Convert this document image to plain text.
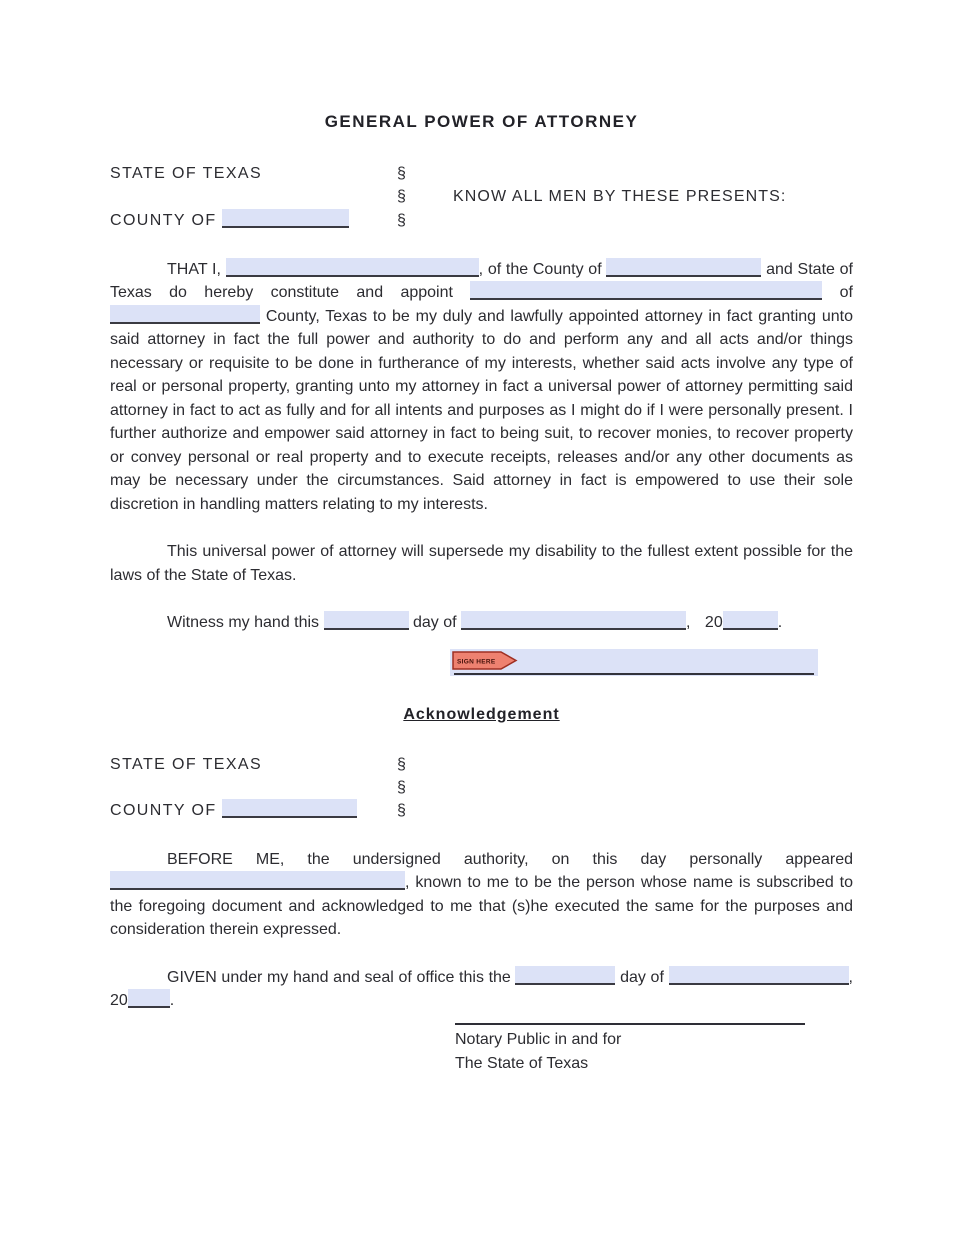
GENERAL POWER OF ATTORNEY
STATE OF TEXAS	§
§	KNOW ALL MEN BY THESE PRESENTS:
COUNTY OF	§

THAT I,	, of the County of	and State of Texas do hereby constitute and appoint	of  County, Texas to be my duly and lawfully appointed attorney in fact granting unto said attorney in fact the full power and authority to do and perform any and all acts and/or things necessary or requisite to be done in furtherance of my interests, whether said acts involve any type of real or personal property, granting unto my attorney in fact a universal power of attorney permitting said attorney in fact to act as fully and for all intents and purposes as I might do if I were personally present. I further authorize and empower said attorney in fact to being suit, to recover monies, to recover property or convey personal or real property and to execute receipts, releases and/or any other documents as may be necessary under the circumstances. Said attorney in fact is empowered to use their sole discretion in handling matters relating to my interests.

This universal power of attorney will supersede my disability to the fullest extent possible for the laws of the State of Texas.

Witness my hand this	day of	, 20	.

SIGN HERE
Acknowledgement
STATE OF TEXAS	§
§
COUNTY OF	§

BEFORE ME, the undersigned authority, on this day personally appeared , known to me to be the person whose name is subscribed to the foregoing document and acknowledged to me that (s)he executed the same for the purposes and consideration therein expressed.

GIVEN under my hand and seal of office this the	day of	, 20	.

Notary Public in and for
The State of Texas
